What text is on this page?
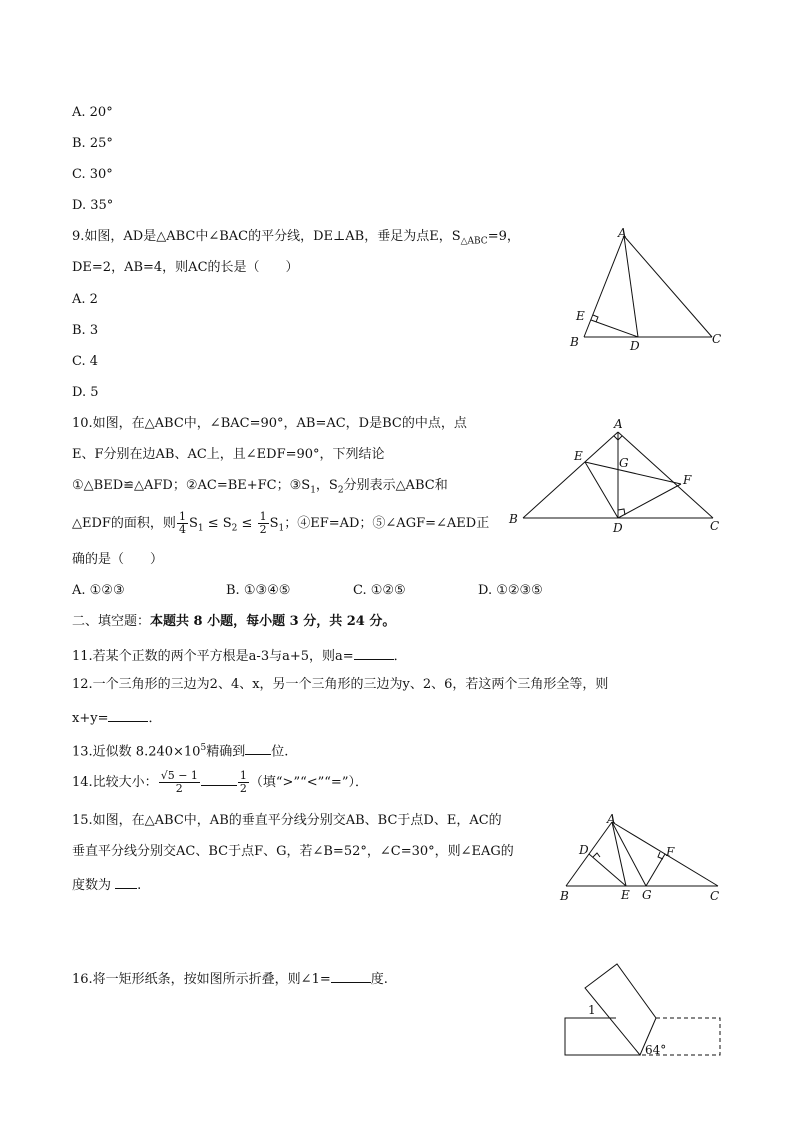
A. 20°
B. 25°
C. 30°
D. 35°
9.如图，AD是△ABC中∠BAC的平分线，DE⊥AB，垂足为点E，$S_{\triangle ABC}=9$，
DE=2，AB=4，则AC的长是（　　）
A. 2
B. 3
C. 4
D. 5
A
B	C
D
E
10.如图，在△ABC中，∠BAC=90°，AB=AC，D是BC的中点，点
E、F分别在边AB、AC上，且∠EDF=90°，下列结论
①△BED≌△AFD；②AC=BE+FC；$③S_1$，$S_2$分别表示△ABC和
△EDF的面积，则 $\frac{1}{4} S_1 \le S_2 \le \frac{1}{2} S_1$；④EF=AD；⑤∠AGF=∠AED正
确的是（　　）
A. ①②③	B. ①③④⑤	C. ①②⑤	D. ①②③⑤
A
B	C
D
E
F
G
二、填空题：本题共 8 小题，每小题 3 分，共 24 分。
11.若某个正数的两个平方根是a-3与a+5，则a=	．
12.一个三角形的三边为2、4、x，另一个三角形的三边为y、2、6，若这两个三角形全等，则
x+y=	．
13.近似数 $8.240\times 10^5$精确到 位.
14.比较大小： $\frac{√5 - 1}{2}$	$\frac{1}{2}$ （填“>”“<”“=”）．
15.如图，在△ABC中，AB的垂直平分线分别交AB、BC于点D、E，AC的
垂直平分线分别交AC、BC于点F、G，若∠B=52°，∠C=30°，则∠EAG的
度数为 .
A
B	C
D
E
F
G
16.将一矩形纸条，按如图所示折叠，则∠1=	度.
1
64°
